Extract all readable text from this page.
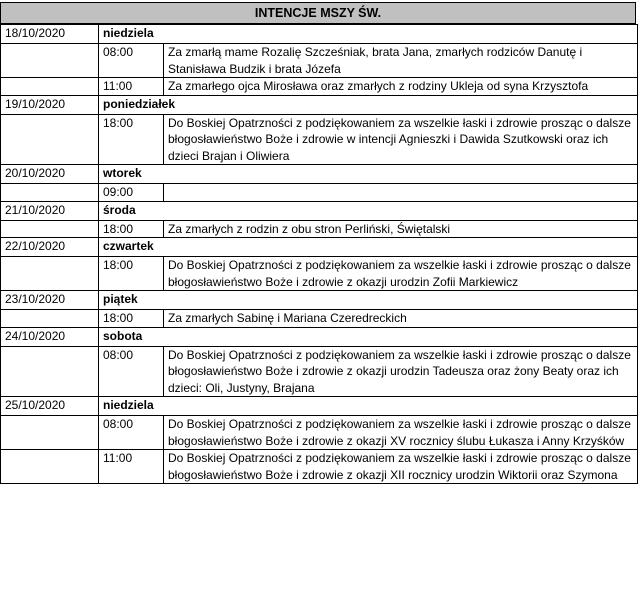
INTENCJE MSZY ŚW.
18/10/2020	niedziela	
	08:00	Za zmarłą mame Rozalię Szcześniak, brata Jana, zmarłych rodziców Danutę i Stanisława Budzik i brata Józefa
	11:00	Za zmarłego ojca Mirosława oraz zmarłych z rodziny Ukleja od syna Krzysztofa
19/10/2020	poniedziałek	
	18:00	Do Boskiej Opatrzności z podziękowaniem za wszelkie łaski i zdrowie prosząc o dalsze błogosławieństwo Boże i zdrowie w intencji Agnieszki i Dawida Szutkowski oraz ich dzieci Brajan i Oliwiera
20/10/2020	wtorek	
	09:00	
21/10/2020	środa	
	18:00	Za zmarłych z rodzin z obu stron Perliński, Świętalski
22/10/2020	czwartek	
	18:00	Do Boskiej Opatrzności z podziękowaniem za wszelkie łaski i zdrowie prosząc o dalsze błogosławieństwo Boże i zdrowie z okazji urodzin Zofii Markiewicz
23/10/2020	piątek	
	18:00	Za zmarłych Sabinę i Mariana Czeredreckich
24/10/2020	sobota	
	08:00	Do Boskiej Opatrzności z podziękowaniem za wszelkie łaski i zdrowie prosząc o dalsze błogosławieństwo Boże i zdrowie z okazji urodzin Tadeusza oraz żony Beaty oraz ich dzieci: Oli, Justyny, Brajana
25/10/2020	niedziela	
	08:00	Do Boskiej Opatrzności z podziękowaniem za wszelkie łaski i zdrowie prosząc o dalsze błogosławieństwo Boże i zdrowie z okazji XV rocznicy ślubu Łukasza i Anny Krzyśków
	11:00	Do Boskiej Opatrzności z podziękowaniem za wszelkie łaski i zdrowie prosząc o dalsze błogosławieństwo Boże i zdrowie z okazji XII rocznicy urodzin Wiktorii oraz Szymona
